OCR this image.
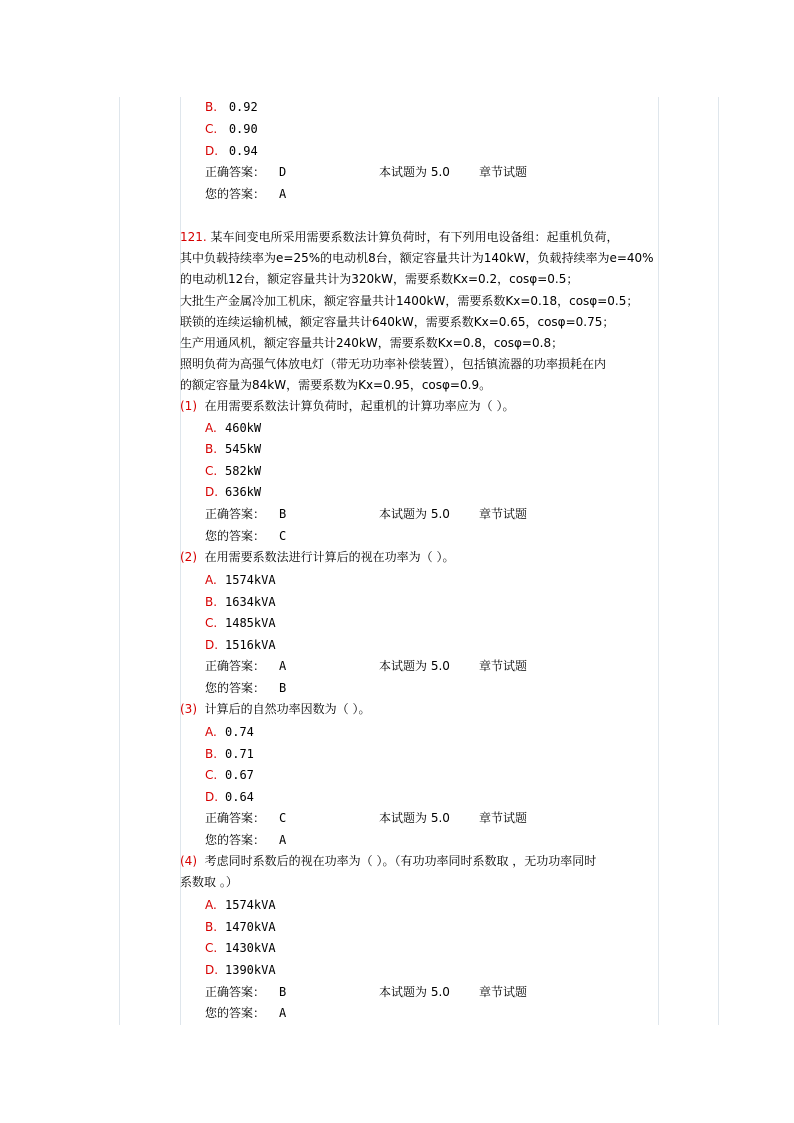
B. 0.92
C. 0.90
D. 0.94
正确答案： D	本试题为 5.0 章节试题
您的答案： A
121. 某车间变电所采用需要系数法计算负荷时，有下列用电设备组：起重机负荷，
其中负载持续率为e=25%的电动机8台，额定容量共计为140kW，负载持续率为e=40%
的电动机12台，额定容量共计为320kW，需要系数Kx=0.2，cosφ=0.5；
大批生产金属冷加工机床，额定容量共计1400kW，需要系数Kx=0.18，cosφ=0.5；
联锁的连续运输机械，额定容量共计640kW，需要系数Kx=0.65，cosφ=0.75；
生产用通风机，额定容量共计240kW，需要系数Kx=0.8，cosφ=0.8；
照明负荷为高强气体放电灯（带无功功率补偿装置），包括镇流器的功率损耗在内
的额定容量为84kW，需要系数为Kx=0.95，cosφ=0.9。
(1) 在用需要系数法计算负荷时，起重机的计算功率应为（ ）。
A. 460kW
B. 545kW
C. 582kW
D. 636kW
正确答案： B	本试题为 5.0 章节试题
您的答案： C
(2) 在用需要系数法进行计算后的视在功率为（ ）。
A. 1574kVA
B. 1634kVA
C. 1485kVA
D. 1516kVA
正确答案： A	本试题为 5.0 章节试题
您的答案： B
(3) 计算后的自然功率因数为（ ）。
A. 0.74
B. 0.71
C. 0.67
D. 0.64
正确答案： C	本试题为 5.0 章节试题
您的答案： A
(4) 考虑同时系数后的视在功率为（ ）。（有功功率同时系数取 ，无功功率同时
系数取 。）
A. 1574kVA
B. 1470kVA
C. 1430kVA
D. 1390kVA
正确答案： B	本试题为 5.0 章节试题
您的答案： A
